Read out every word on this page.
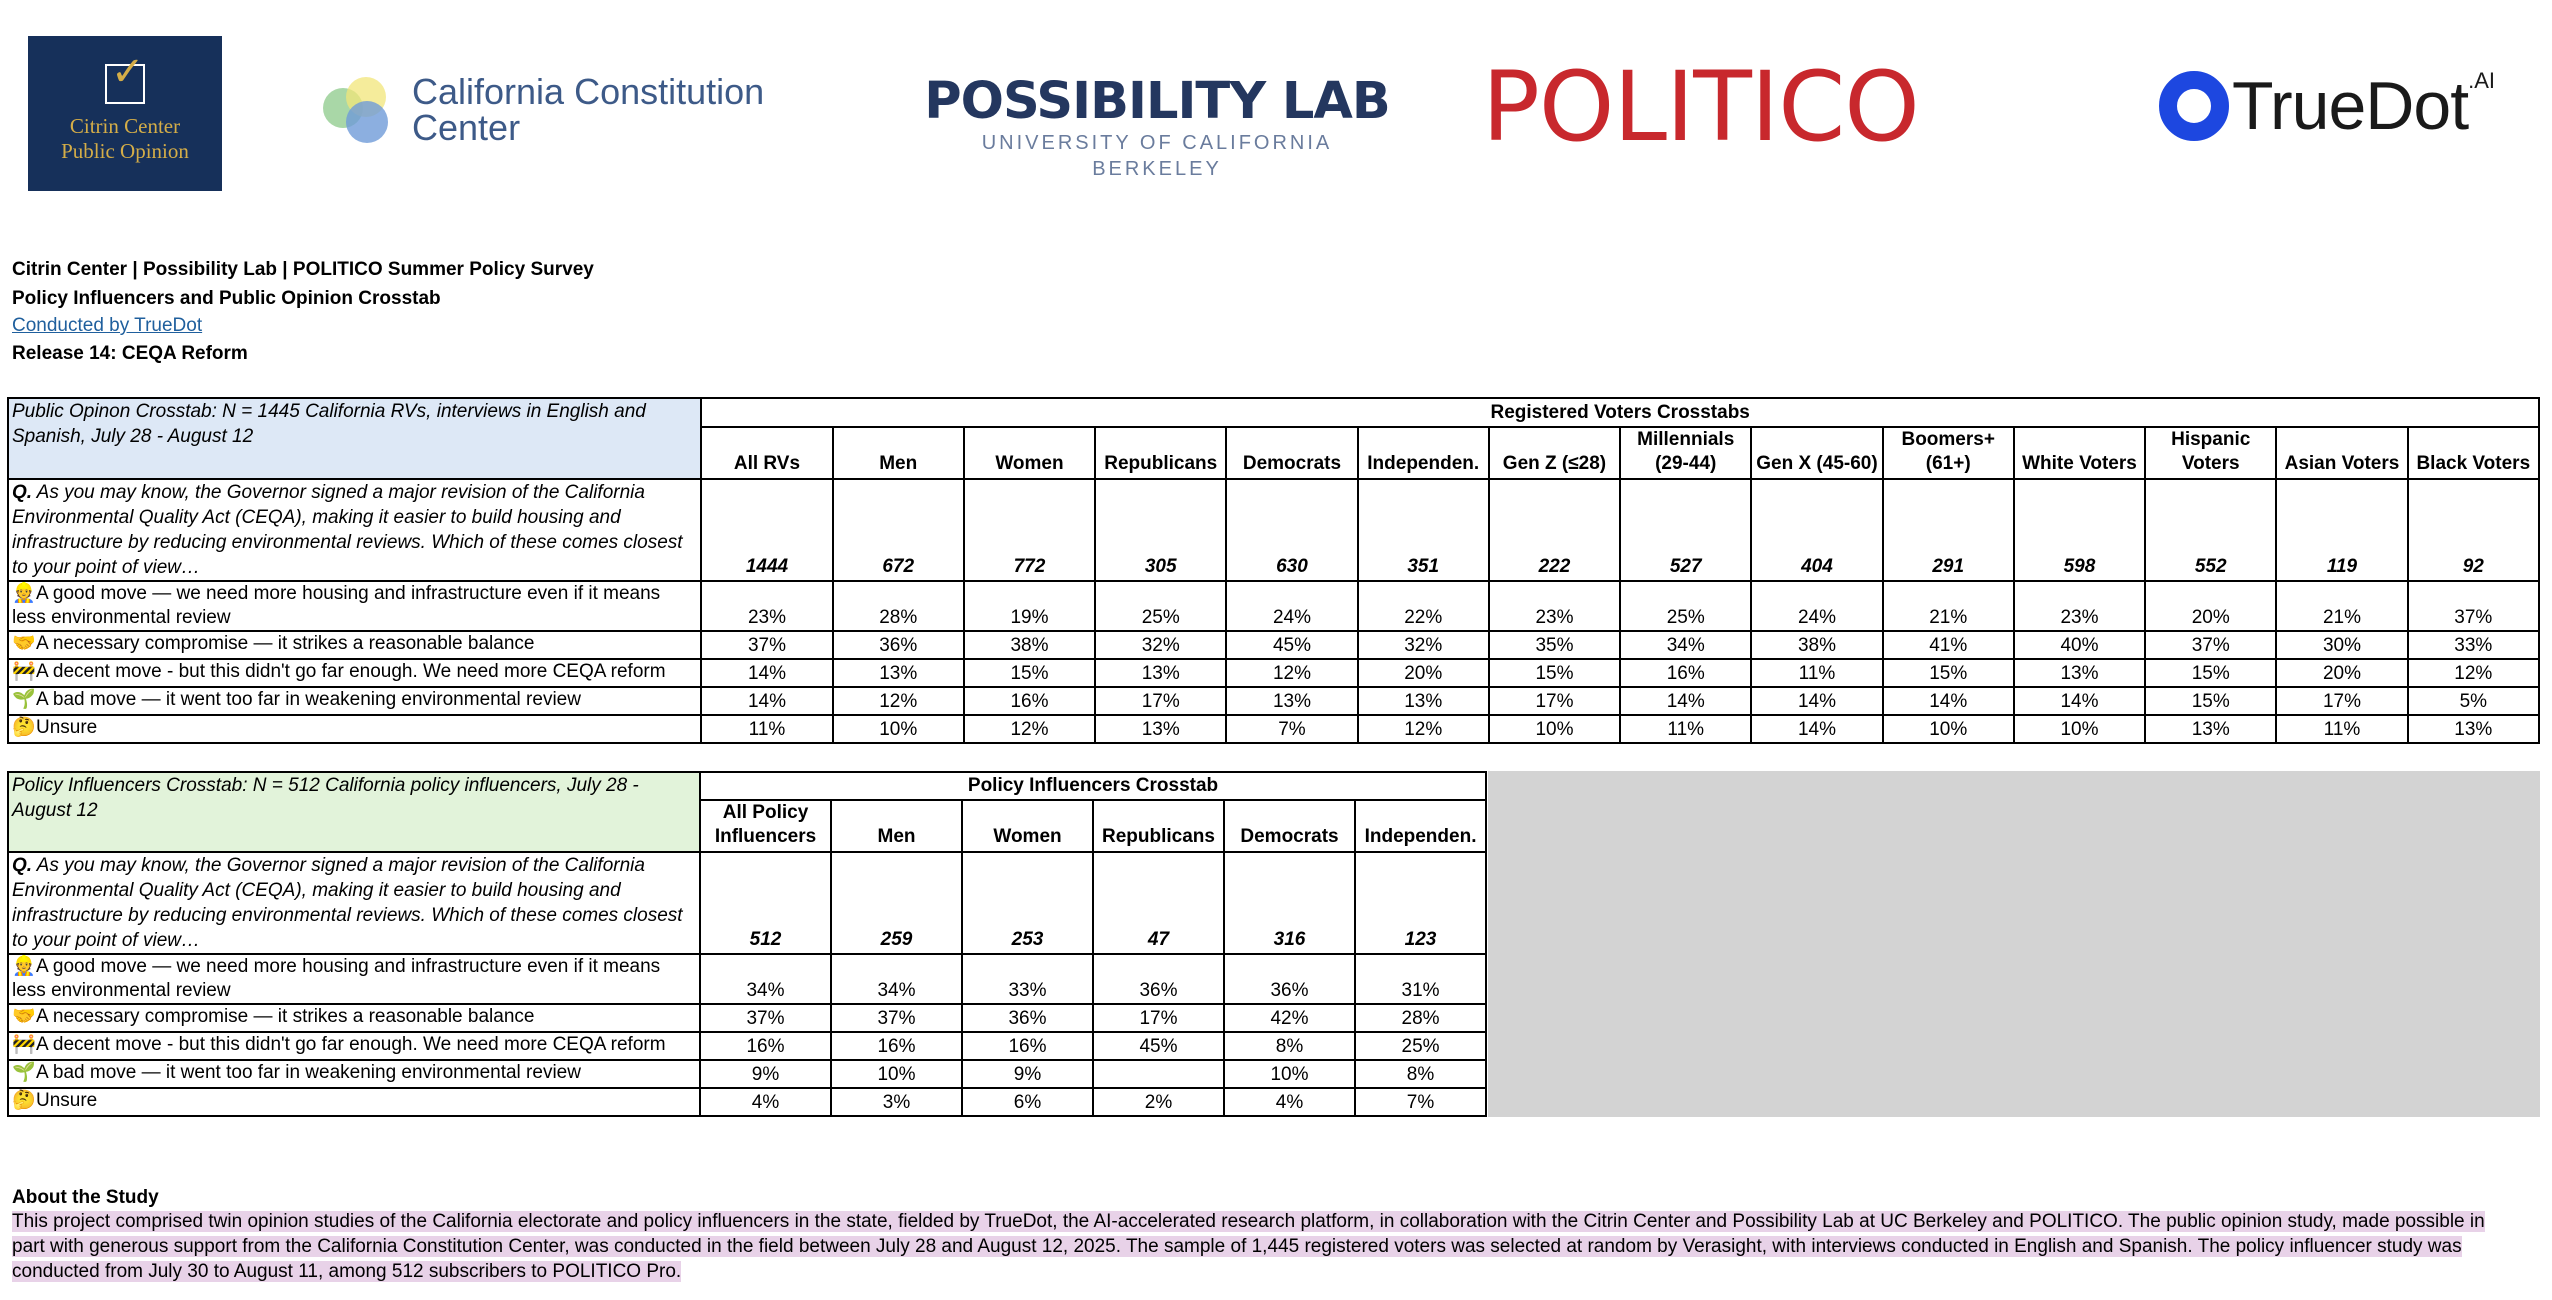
✓
Citrin Center
Public Opinion
California Constitution
Center	POSSIBILITY LAB
UNIVERSITY OF CALIFORNIA BERKELEY
POLITICO	TrueDot .AI
Citrin Center | Possibility Lab | POLITICO Summer Policy Survey
Policy Influencers and Public Opinion Crosstab
Conducted by TrueDot
Release 14: CEQA Reform
Public Opinon Crosstab: N = 1445 California RVs, interviews in English and Spanish, July 28 - August 12	Registered Voters Crosstabs													
	All RVs	Men	Women	Republicans	Democrats	Independen.	Gen Z (≤28)	Millennials (29-44)	Gen X (45-60)	Boomers+ (61+)	White Voters	Hispanic Voters	Asian Voters	Black Voters
Q. As you may know, the Governor signed a major revision of the California Environmental Quality Act (CEQA), making it easier to build housing and infrastructure by reducing environmental reviews. Which of these comes closest to your point of view…	1444	672	772	305	630	351	222	527	404	291	598	552	119	92
👷A good move — we need more housing and infrastructure even if it means less environmental review	23%	28%	19%	25%	24%	22%	23%	25%	24%	21%	23%	20%	21%	37%
🤝A necessary compromise — it strikes a reasonable balance	37%	36%	38%	32%	45%	32%	35%	34%	38%	41%	40%	37%	30%	33%
🚧A decent move - but this didn't go far enough. We need more CEQA reform	14%	13%	15%	13%	12%	20%	15%	16%	11%	15%	13%	15%	20%	12%
🌱A bad move — it went too far in weakening environmental review	14%	12%	16%	17%	13%	13%	17%	14%	14%	14%	14%	15%	17%	5%
🤔Unsure	11%	10%	12%	13%	7%	12%	10%	11%	14%	10%	10%	13%	11%	13%
Policy Influencers Crosstab: N = 512 California policy influencers, July 28 - August 12	Policy Influencers Crosstab					
	All Policy Influencers	Men	Women	Republicans	Democrats	Independen.
Q. As you may know, the Governor signed a major revision of the California Environmental Quality Act (CEQA), making it easier to build housing and infrastructure by reducing environmental reviews. Which of these comes closest to your point of view…	512	259	253	47	316	123
👷A good move — we need more housing and infrastructure even if it means less environmental review	34%	34%	33%	36%	36%	31%
🤝A necessary compromise — it strikes a reasonable balance	37%	37%	36%	17%	42%	28%
🚧A decent move - but this didn't go far enough. We need more CEQA reform	16%	16%	16%	45%	8%	25%
🌱A bad move — it went too far in weakening environmental review	9%	10%	9%		10%	8%
🤔Unsure	4%	3%	6%	2%	4%	7%
About the Study
This project comprised twin opinion studies of the California electorate and policy influencers in the state, fielded by TrueDot, the AI-accelerated research platform, in collaboration with the Citrin Center and Possibility Lab at UC Berkeley and POLITICO. The public opinion study, made possible in part with generous support from the California Constitution Center, was conducted in the field between July 28 and August 12, 2025. The sample of 1,445 registered voters was selected at random by Verasight, with interviews conducted in English and Spanish. The policy influencer study was conducted from July 30 to August 11, among 512 subscribers to POLITICO Pro.
